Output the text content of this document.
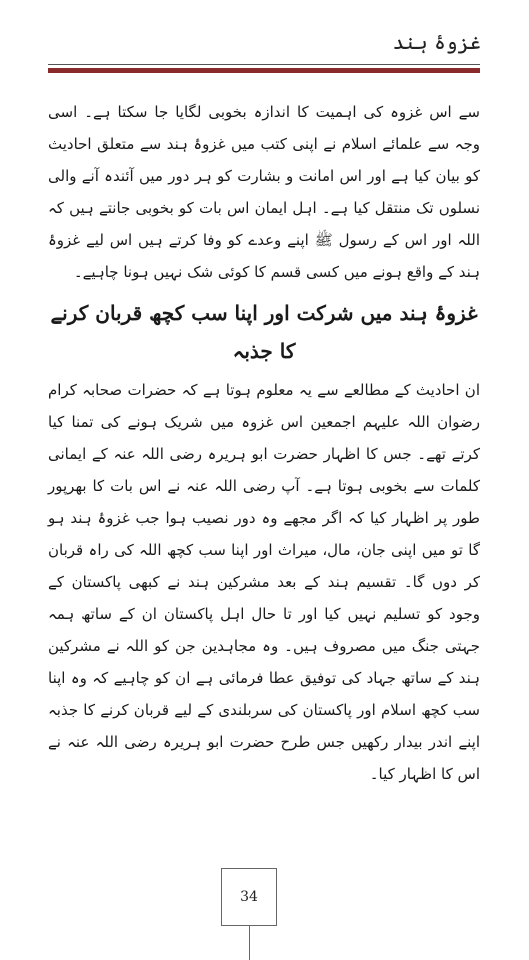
غزوۂ ہند

سے اس غزوہ کی اہمیت کا اندازہ بخوبی لگایا جا سکتا ہے۔ اسی وجہ سے علمائے اسلام نے اپنی کتب میں غزوۂ ہند سے متعلق احادیث کو بیان کیا ہے اور اس امانت و بشارت کو ہر دور میں آئندہ آنے والی نسلوں تک منتقل کیا ہے۔ اہل ایمان اس بات کو بخوبی جانتے ہیں کہ اللہ اور اس کے رسول ﷺ اپنے وعدے کو وفا کرتے ہیں اس لیے غزوۂ ہند کے واقع ہونے میں کسی قسم کا کوئی شک نہیں ہونا چاہیے۔

غزوۂ ہند میں شرکت اور اپنا سب کچھ قربان کرنے کا جذبہ

ان احادیث کے مطالعے سے یہ معلوم ہوتا ہے کہ حضرات صحابہ کرام رضوان اللہ علیہم اجمعین اس غزوہ میں شریک ہونے کی تمنا کیا کرتے تھے۔ جس کا اظہار حضرت ابو ہریرہ رضی اللہ عنہ کے ایمانی کلمات سے بخوبی ہوتا ہے۔ آپ رضی اللہ عنہ نے اس بات کا بھرپور طور پر اظہار کیا کہ اگر مجھے وہ دور نصیب ہوا جب غزوۂ ہند ہو گا تو میں اپنی جان، مال، میراث اور اپنا سب کچھ اللہ کی راہ قربان کر دوں گا۔ تقسیم ہند کے بعد مشرکین ہند نے کبھی پاکستان کے وجود کو تسلیم نہیں کیا اور تا حال اہل پاکستان ان کے ساتھ ہمہ جہتی جنگ میں مصروف ہیں۔ وہ مجاہدین جن کو اللہ نے مشرکین ہند کے ساتھ جہاد کی توفیق عطا فرمائی ہے ان کو چاہیے کہ وہ اپنا سب کچھ اسلام اور پاکستان کی سربلندی کے لیے قربان کرنے کا جذبہ اپنے اندر بیدار رکھیں جس طرح حضرت ابو ہریرہ رضی اللہ عنہ نے اس کا اظہار کیا۔

34
